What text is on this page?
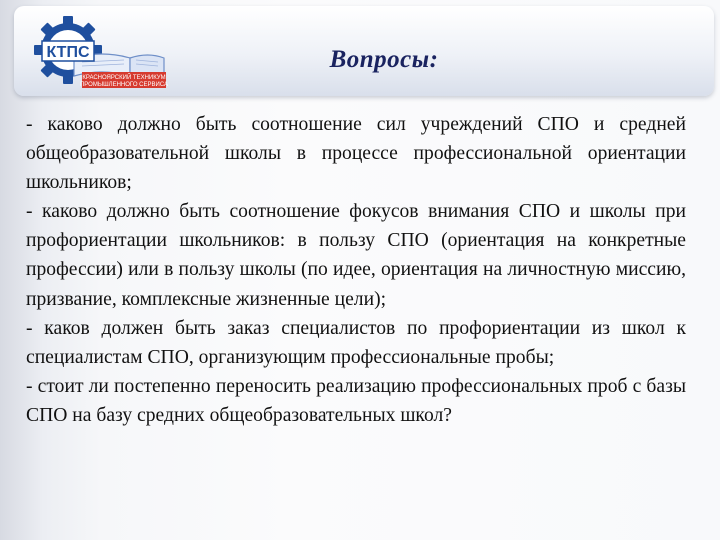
КТПС
КРАСНОЯРСКИЙ ТЕХНИКУМ
ПРОМЫШЛЕННОГО СЕРВИСА
Вопросы:

- каково должно быть соотношение сил учреждений СПО и средней общеобразовательной школы в процессе профессиональной ориентации школьников;

- каково должно быть соотношение фокусов внимания СПО и школы при профориентации школьников: в пользу СПО (ориентация на конкретные профессии) или в пользу школы (по идее, ориентация на личностную миссию, призвание, комплексные жизненные цели);

- каков должен быть заказ специалистов по профориентации из школ к специалистам СПО, организующим профессиональные пробы;

- стоит ли постепенно переносить реализацию профессиональных проб с базы СПО на базу средних общеобразовательных школ?
